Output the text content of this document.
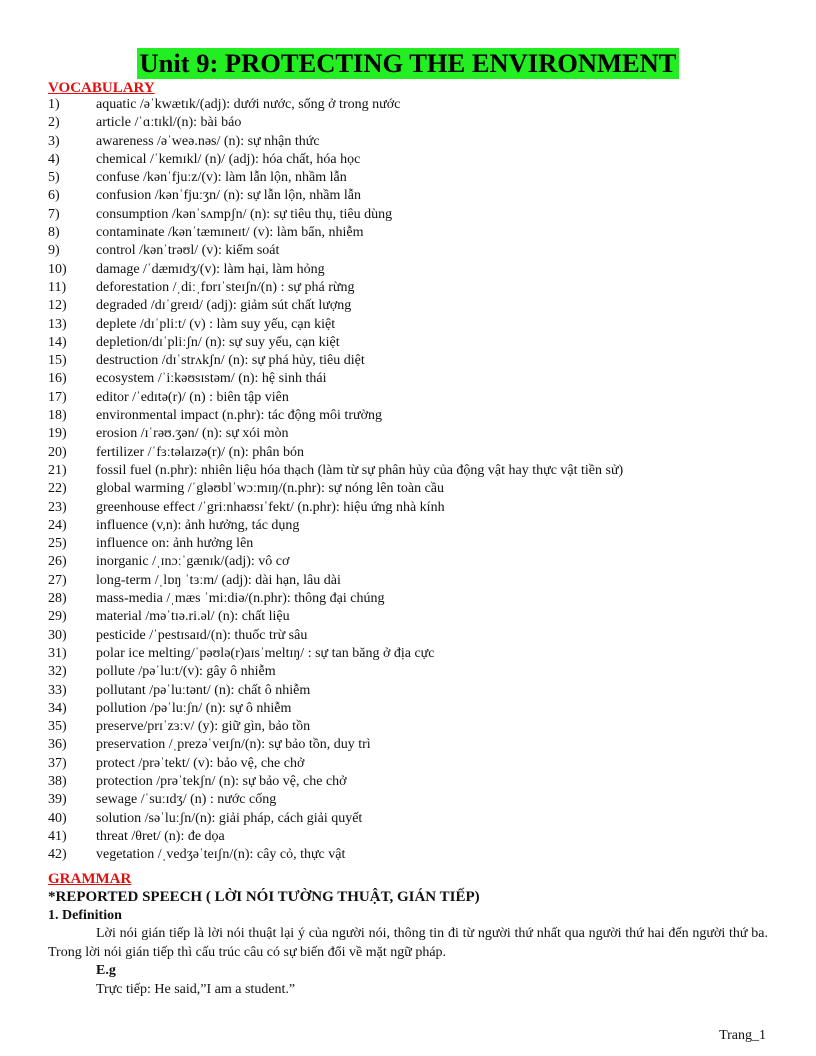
Unit 9: PROTECTING THE ENVIRONMENT
VOCABULARY
1)	aquatic /əˈkwætɪk/(adj): dưới nước, sống ở trong nước
2)	article /ˈɑːtɪkl/(n): bài báo
3)	awareness /əˈweə.nəs/ (n): sự nhận thức
4)	chemical /ˈkemɪkl/ (n)/ (adj): hóa chất, hóa học
5)	confuse /kənˈfjuːz/(v): làm lẫn lộn, nhầm lẫn
6)	confusion /kənˈfjuːʒn/ (n): sự lẫn lộn, nhầm lẫn
7)	consumption /kənˈsʌmpʃn/ (n): sự tiêu thụ, tiêu dùng
8)	contaminate /kənˈtæmɪneɪt/ (v): làm bẩn, nhiễm
9)	control /kənˈtrəʊl/ (v): kiểm soát
10)	damage /ˈdæmɪdʒ/(v): làm hại, làm hỏng
11)	deforestation /ˌdiːˌfɒrɪˈsteɪʃn/(n) : sự phá rừng
12)	degraded /dɪˈgreɪd/ (adj): giảm sút chất lượng
13)	deplete /dɪˈpliːt/ (v) : làm suy yếu, cạn kiệt
14)	depletion/dɪˈpliːʃn/ (n): sự suy yếu, cạn kiệt
15)	destruction /dɪˈstrʌkʃn/ (n): sự phá hủy, tiêu diệt
16)	ecosystem /ˈiːkəʊsɪstəm/ (n): hệ sinh thái
17)	editor /ˈedɪtə(r)/ (n) : biên tập viên
18)	environmental impact (n.phr): tác động môi trường
19)	erosion /ɪˈrəʊ.ʒən/ (n): sự xói mòn
20)	fertilizer /ˈfɜːtəlaɪzə(r)/ (n): phân bón
21)	fossil fuel (n.phr): nhiên liệu hóa thạch (làm từ sự phân hủy của động vật hay thực vật tiền sử)
22)	global warming /ˈgləʊblˈwɔːmɪŋ/(n.phr): sự nóng lên toàn cầu
23)	greenhouse effect /ˈgriːnhaʊsɪˈfekt/ (n.phr): hiệu ứng nhà kính
24)	influence (v,n): ảnh hưởng, tác dụng
25)	influence on: ảnh hưởng lên
26)	inorganic /ˌɪnɔːˈgænɪk/(adj): vô cơ
27)	long-term /ˌlɒŋ ˈtɜːm/ (adj): dài hạn, lâu dài
28)	mass-media /ˌmæs ˈmiːdiə/(n.phr): thông đại chúng
29)	material /məˈtɪə.ri.əl/ (n): chất liệu
30)	pesticide /ˈpestɪsaɪd/(n): thuốc trừ sâu
31)	polar ice melting/ˈpəʊlə(r)aɪsˈmeltɪŋ/ : sự tan băng ở địa cực
32)	pollute /pəˈluːt/(v): gây ô nhiễm
33)	pollutant /pəˈluːtənt/ (n): chất ô nhiễm
34)	pollution /pəˈluːʃn/ (n): sự ô nhiễm
35)	preserve/prɪˈzɜːv/ (y): giữ gìn, bảo tồn
36)	preservation /ˌprezəˈveɪʃn/(n): sự bảo tồn, duy trì
37)	protect /prəˈtekt/ (v): bảo vệ, che chở
38)	protection /prəˈtekʃn/ (n): sự bảo vệ, che chở
39)	sewage /ˈsuːɪdʒ/ (n) : nước cống
40)	solution /səˈluːʃn/(n): giải pháp, cách giải quyết
41)	threat /θret/ (n): đe dọa
42)	vegetation /ˌvedʒəˈteɪʃn/(n): cây cỏ, thực vật
GRAMMAR
*REPORTED SPEECH ( LỜI NÓI TƯỜNG THUẬT, GIÁN TIẾP)
1. Definition
Lời nói gián tiếp là lời nói thuật lại ý của người nói, thông tin đi từ người thứ nhất qua người thứ hai đến người thứ ba. Trong lời nói gián tiếp thì cấu trúc câu có sự biến đổi về mặt ngữ pháp.
E.g
Trực tiếp: He said,”I am a student.”
Trang_1
